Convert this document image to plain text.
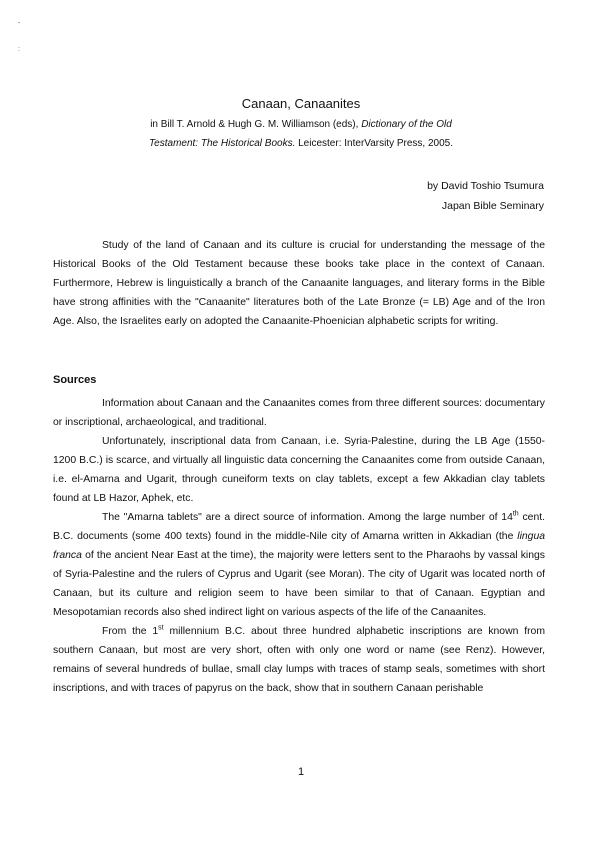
-
:
Canaan, Canaanites
in Bill T. Arnold & Hugh G. M. Williamson (eds), Dictionary of the Old
Testament: The Historical Books. Leicester: InterVarsity Press, 2005.
by David Toshio Tsumura
Japan Bible Seminary

Study of the land of Canaan and its culture is crucial for understanding the message of the Historical Books of the Old Testament because these books take place in the context of Canaan. Furthermore, Hebrew is linguistically a branch of the Canaanite languages, and literary forms in the Bible have strong affinities with the "Canaanite" literatures both of the Late Bronze (= LB) Age and of the Iron Age. Also, the Israelites early on adopted the Canaanite-Phoenician alphabetic scripts for writing.

Sources

Information about Canaan and the Canaanites comes from three different sources: documentary or inscriptional, archaeological, and traditional.

Unfortunately, inscriptional data from Canaan, i.e. Syria-Palestine, during the LB Age (1550-1200 B.C.) is scarce, and virtually all linguistic data concerning the Canaanites come from outside Canaan, i.e. el-Amarna and Ugarit, through cuneiform texts on clay tablets, except a few Akkadian clay tablets found at LB Hazor, Aphek, etc.

The "Amarna tablets" are a direct source of information. Among the large number of 14th cent. B.C. documents (some 400 texts) found in the middle-Nile city of Amarna written in Akkadian (the lingua franca of the ancient Near East at the time), the majority were letters sent to the Pharaohs by vassal kings of Syria-Palestine and the rulers of Cyprus and Ugarit (see Moran). The city of Ugarit was located north of Canaan, but its culture and religion seem to have been similar to that of Canaan. Egyptian and Mesopotamian records also shed indirect light on various aspects of the life of the Canaanites.

From the 1st millennium B.C. about three hundred alphabetic inscriptions are known from southern Canaan, but most are very short, often with only one word or name (see Renz). However, remains of several hundreds of bullae, small clay lumps with traces of stamp seals, sometimes with short inscriptions, and with traces of papyrus on the back, show that in southern Canaan perishable

1
